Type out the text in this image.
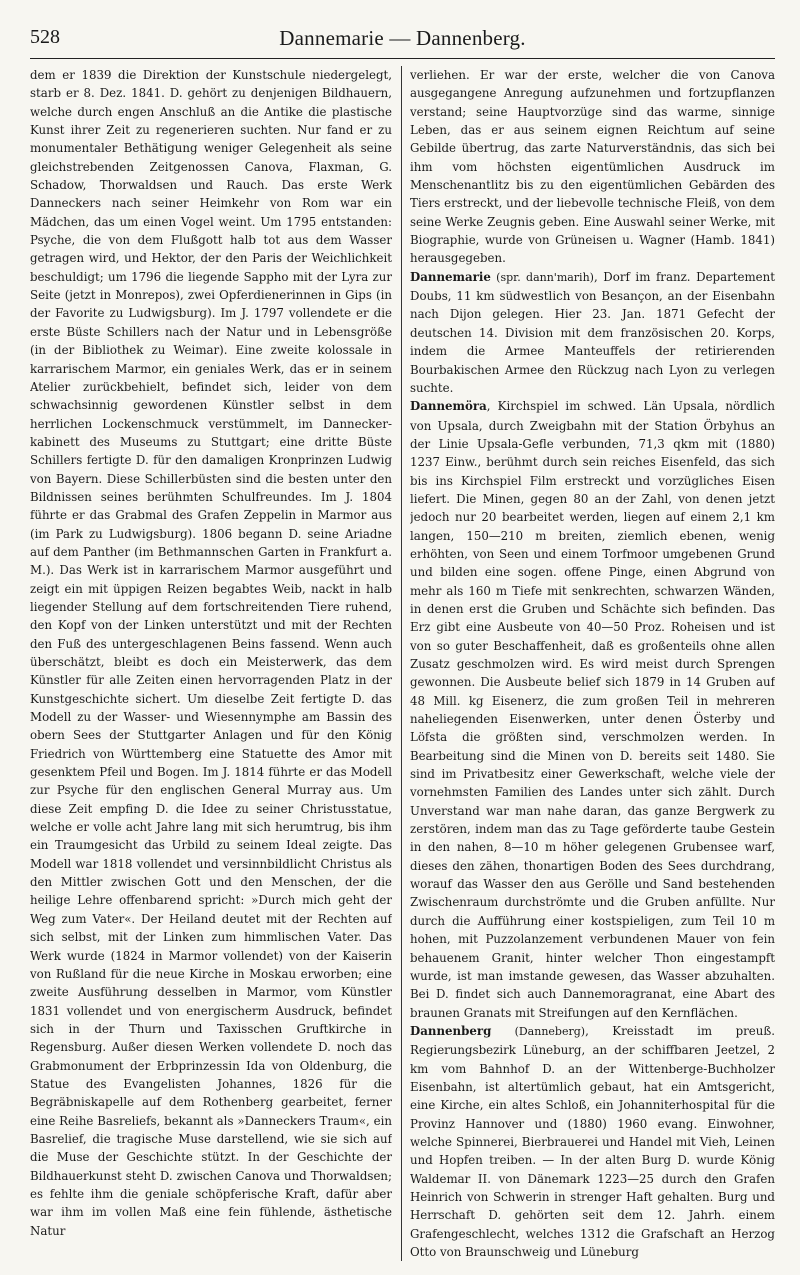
528	Dannemarie — Dannenberg.

dem er 1839 die Direktion der Kunstschule niedergelegt, starb er 8. Dez. 1841. D. gehört zu denjenigen Bildhauern, welche durch engen Anschluß an die Antike die plastische Kunst ihrer Zeit zu regenerieren suchten. Nur fand er zu monumentaler Bethätigung weniger Gelegenheit als seine gleichstrebenden Zeitgenossen Canova, Flaxman, G. Schadow, Thorwaldsen und Rauch. Das erste Werk Danneckers nach seiner Heimkehr von Rom war ein Mädchen, das um einen Vogel weint. Um 1795 entstanden: Psyche, die von dem Flußgott halb tot aus dem Wasser getragen wird, und Hektor, der den Paris der Weichlichkeit beschuldigt; um 1796 die liegende Sappho mit der Lyra zur Seite (jetzt in Monrepos), zwei Opferdienerinnen in Gips (in der Favorite zu Ludwigsburg). Im J. 1797 vollendete er die erste Büste Schillers nach der Natur und in Lebensgröße (in der Bibliothek zu Weimar). Eine zweite kolossale in karrarischem Marmor, ein geniales Werk, das er in seinem Atelier zurückbehielt, befindet sich, leider von dem schwachsinnig gewordenen Künstler selbst in dem herrlichen Lockenschmuck verstümmelt, im Dannecker-kabinett des Museums zu Stuttgart; eine dritte Büste Schillers fertigte D. für den damaligen Kronprinzen Ludwig von Bayern. Diese Schillerbüsten sind die besten unter den Bildnissen seines berühmten Schulfreundes. Im J. 1804 führte er das Grabmal des Grafen Zeppelin in Marmor aus (im Park zu Ludwigsburg). 1806 begann D. seine Ariadne auf dem Panther (im Bethmannschen Garten in Frankfurt a. M.). Das Werk ist in karrarischem Marmor ausgeführt und zeigt ein mit üppigen Reizen begabtes Weib, nackt in halb liegender Stellung auf dem fortschreitenden Tiere ruhend, den Kopf von der Linken unterstützt und mit der Rechten den Fuß des untergeschlagenen Beins fassend. Wenn auch überschätzt, bleibt es doch ein Meisterwerk, das dem Künstler für alle Zeiten einen hervorragenden Platz in der Kunstgeschichte sichert. Um dieselbe Zeit fertigte D. das Modell zu der Wasser- und Wiesennymphe am Bassin des obern Sees der Stuttgarter Anlagen und für den König Friedrich von Württemberg eine Statuette des Amor mit gesenktem Pfeil und Bogen. Im J. 1814 führte er das Modell zur Psyche für den englischen General Murray aus. Um diese Zeit empfing D. die Idee zu seiner Christusstatue, welche er volle acht Jahre lang mit sich herumtrug, bis ihm ein Traumgesicht das Urbild zu seinem Ideal zeigte. Das Modell war 1818 vollendet und versinnbildlicht Christus als den Mittler zwischen Gott und den Menschen, der die heilige Lehre offenbarend spricht: »Durch mich geht der Weg zum Vater«. Der Heiland deutet mit der Rechten auf sich selbst, mit der Linken zum himmlischen Vater. Das Werk wurde (1824 in Marmor vollendet) von der Kaiserin von Rußland für die neue Kirche in Moskau erworben; eine zweite Ausführung desselben in Marmor, vom Künstler 1831 vollendet und von energischerm Ausdruck, befindet sich in der Thurn und Taxisschen Gruftkirche in Regensburg. Außer diesen Werken vollendete D. noch das Grabmonument der Erbprinzessin Ida von Oldenburg, die Statue des Evangelisten Johannes, 1826 für die Begräbniskapelle auf dem Rothenberg gearbeitet, ferner eine Reihe Basreliefs, bekannt als »Danneckers Traum«, ein Basrelief, die tragische Muse darstellend, wie sie sich auf die Muse der Geschichte stützt. In der Geschichte der Bildhauerkunst steht D. zwischen Canova und Thorwaldsen; es fehlte ihm die geniale schöpferische Kraft, dafür aber war ihm im vollen Maß eine fein fühlende, ästhetische Natur

verliehen. Er war der erste, welcher die von Canova ausgegangene Anregung aufzunehmen und fortzupflanzen verstand; seine Hauptvorzüge sind das warme, sinnige Leben, das er aus seinem eignen Reichtum auf seine Gebilde übertrug, das zarte Naturverständnis, das sich bei ihm vom höchsten eigentümlichen Ausdruck im Menschenantlitz bis zu den eigentümlichen Gebärden des Tiers erstreckt, und der liebevolle technische Fleiß, von dem seine Werke Zeugnis geben. Eine Auswahl seiner Werke, mit Biographie, wurde von Grüneisen u. Wagner (Hamb. 1841) herausgegeben.

Dannemarie (spr. dann'marih), Dorf im franz. Departement Doubs, 11 km südwestlich von Besançon, an der Eisenbahn nach Dijon gelegen. Hier 23. Jan. 1871 Gefecht der deutschen 14. Division mit dem französischen 20. Korps, indem die Armee Manteuffels der retirierenden Bourbakischen Armee den Rückzug nach Lyon zu verlegen suchte.

Dannemöra, Kirchspiel im schwed. Län Upsala, nördlich von Upsala, durch Zweigbahn mit der Station Örbyhus an der Linie Upsala-Gefle verbunden, 71,3 qkm mit (1880) 1237 Einw., berühmt durch sein reiches Eisenfeld, das sich bis ins Kirchspiel Film erstreckt und vorzügliches Eisen liefert. Die Minen, gegen 80 an der Zahl, von denen jetzt jedoch nur 20 bearbeitet werden, liegen auf einem 2,1 km langen, 150—210 m breiten, ziemlich ebenen, wenig erhöhten, von Seen und einem Torfmoor umgebenen Grund und bilden eine sogen. offene Pinge, einen Abgrund von mehr als 160 m Tiefe mit senkrechten, schwarzen Wänden, in denen erst die Gruben und Schächte sich befinden. Das Erz gibt eine Ausbeute von 40—50 Proz. Roheisen und ist von so guter Beschaffenheit, daß es großenteils ohne allen Zusatz geschmolzen wird. Es wird meist durch Sprengen gewonnen. Die Ausbeute belief sich 1879 in 14 Gruben auf 48 Mill. kg Eisenerz, die zum großen Teil in mehreren naheliegenden Eisenwerken, unter denen Österby und Löfsta die größten sind, verschmolzen werden. In Bearbeitung sind die Minen von D. bereits seit 1480. Sie sind im Privatbesitz einer Gewerkschaft, welche viele der vornehmsten Familien des Landes unter sich zählt. Durch Unverstand war man nahe daran, das ganze Bergwerk zu zerstören, indem man das zu Tage geförderte taube Gestein in den nahen, 8—10 m höher gelegenen Grubensee warf, dieses den zähen, thonartigen Boden des Sees durchdrang, worauf das Wasser den aus Gerölle und Sand bestehenden Zwischenraum durchströmte und die Gruben anfüllte. Nur durch die Aufführung einer kostspieligen, zum Teil 10 m hohen, mit Puzzolanzement verbundenen Mauer von fein behauenem Granit, hinter welcher Thon eingestampft wurde, ist man imstande gewesen, das Wasser abzuhalten. Bei D. findet sich auch Dannemoragranat, eine Abart des braunen Granats mit Streifungen auf den Kernflächen.

Dannenberg (Danneberg), Kreisstadt im preuß. Regierungsbezirk Lüneburg, an der schiffbaren Jeetzel, 2 km vom Bahnhof D. an der Wittenberge-Buchholzer Eisenbahn, ist altertümlich gebaut, hat ein Amtsgericht, eine Kirche, ein altes Schloß, ein Johanniterhospital für die Provinz Hannover und (1880) 1960 evang. Einwohner, welche Spinnerei, Bierbrauerei und Handel mit Vieh, Leinen und Hopfen treiben. — In der alten Burg D. wurde König Waldemar II. von Dänemark 1223—25 durch den Grafen Heinrich von Schwerin in strenger Haft gehalten. Burg und Herrschaft D. gehörten seit dem 12. Jahrh. einem Grafengeschlecht, welches 1312 die Grafschaft an Herzog Otto von Braunschweig und Lüneburg
